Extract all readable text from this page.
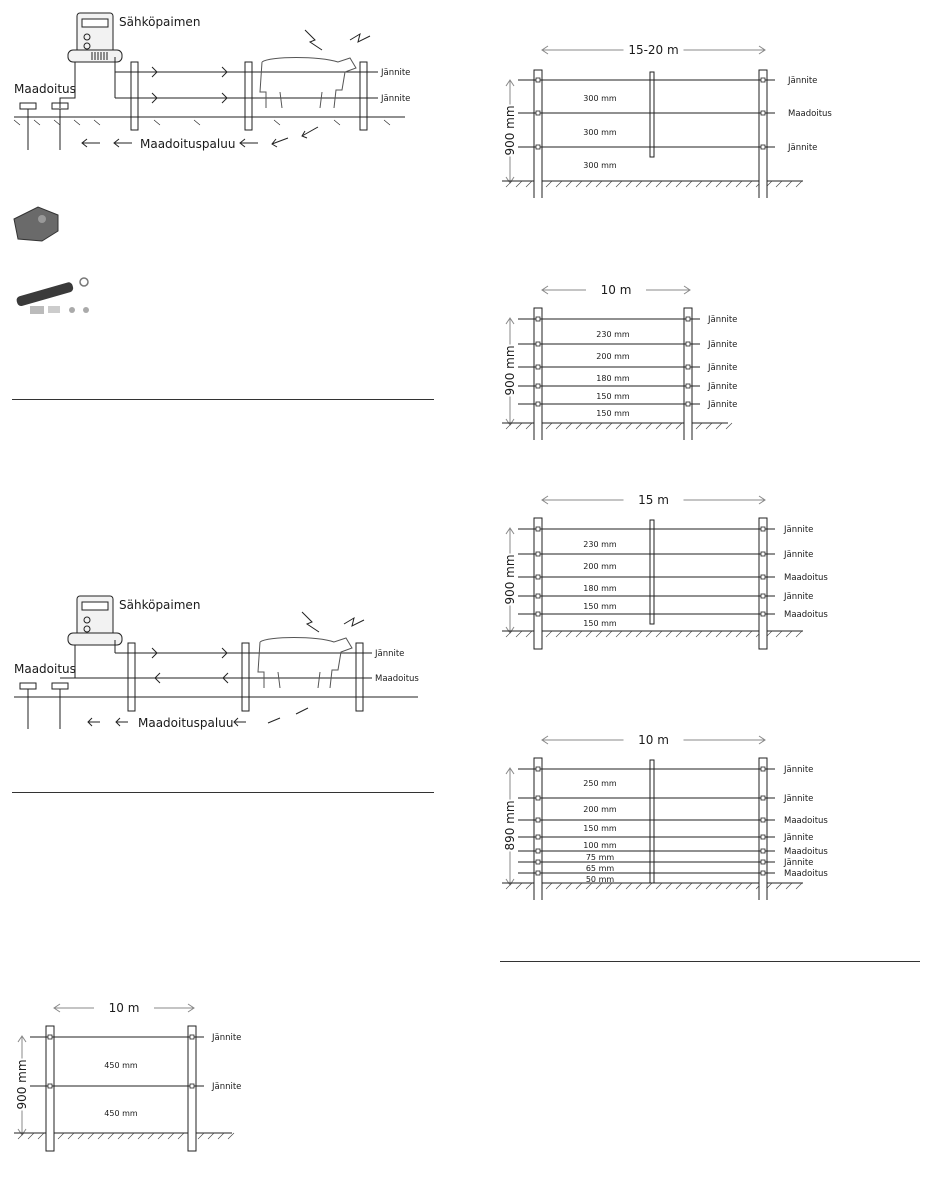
Sähköpaimen
Maadoitus
Maadoituspaluu
Jännite
Jännite
Sähköpaimen
Maadoitus
Maadoituspaluu
Jännite
Maadoitus
15-20 m
900 mm
Jännite
Maadoitus
Jännite
300 mm
300 mm
300 mm
10 m
900 mm
Jännite
Jännite
Jännite
Jännite
Jännite
230 mm
200 mm
180 mm
150 mm
150 mm
15 m
900 mm
Jännite
Jännite
Maadoitus
Jännite
Maadoitus
230 mm
200 mm
180 mm
150 mm
150 mm
10 m
890 mm
Jännite
Jännite
Maadoitus
Jännite
Maadoitus
Jännite
Maadoitus
250 mm
200 mm
150 mm
100 mm
75 mm
65 mm
50 mm
10 m
900 mm
Jännite
Jännite
450 mm
450 mm
